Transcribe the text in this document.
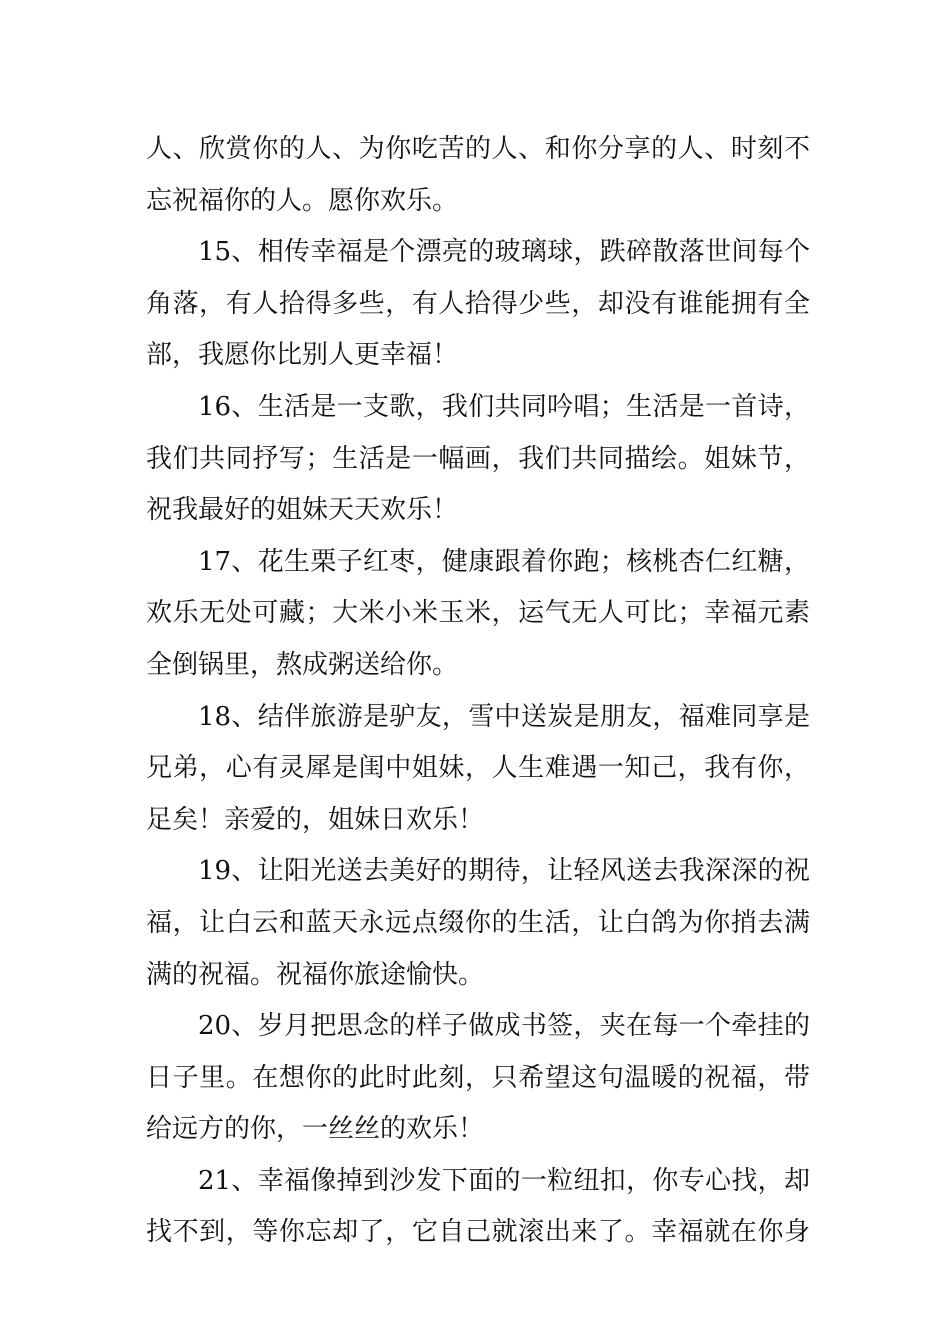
人、欣赏你的人、为你吃苦的人、和你分享的人、时刻不
忘祝福你的人。愿你欢乐。
15、相传幸福是个漂亮的玻璃球，跌碎散落世间每个
角落，有人拾得多些，有人拾得少些，却没有谁能拥有全
部，我愿你比别人更幸福！
16、生活是一支歌，我们共同吟唱；生活是一首诗，
我们共同抒写；生活是一幅画，我们共同描绘。姐妹节，
祝我最好的姐妹天天欢乐！
17、花生栗子红枣，健康跟着你跑；核桃杏仁红糖，
欢乐无处可藏；大米小米玉米，运气无人可比；幸福元素
全倒锅里，熬成粥送给你。
18、结伴旅游是驴友，雪中送炭是朋友，福难同享是
兄弟，心有灵犀是闺中姐妹，人生难遇一知己，我有你，
足矣！亲爱的，姐妹日欢乐！
19、让阳光送去美好的期待，让轻风送去我深深的祝
福，让白云和蓝天永远点缀你的生活，让白鸽为你捎去满
满的祝福。祝福你旅途愉快。
20、岁月把思念的样子做成书签，夹在每一个牵挂的
日子里。在想你的此时此刻，只希望这句温暖的祝福，带
给远方的你，一丝丝的欢乐！
21、幸福像掉到沙发下面的一粒纽扣，你专心找，却
找不到，等你忘却了，它自己就滚出来了。幸福就在你身
